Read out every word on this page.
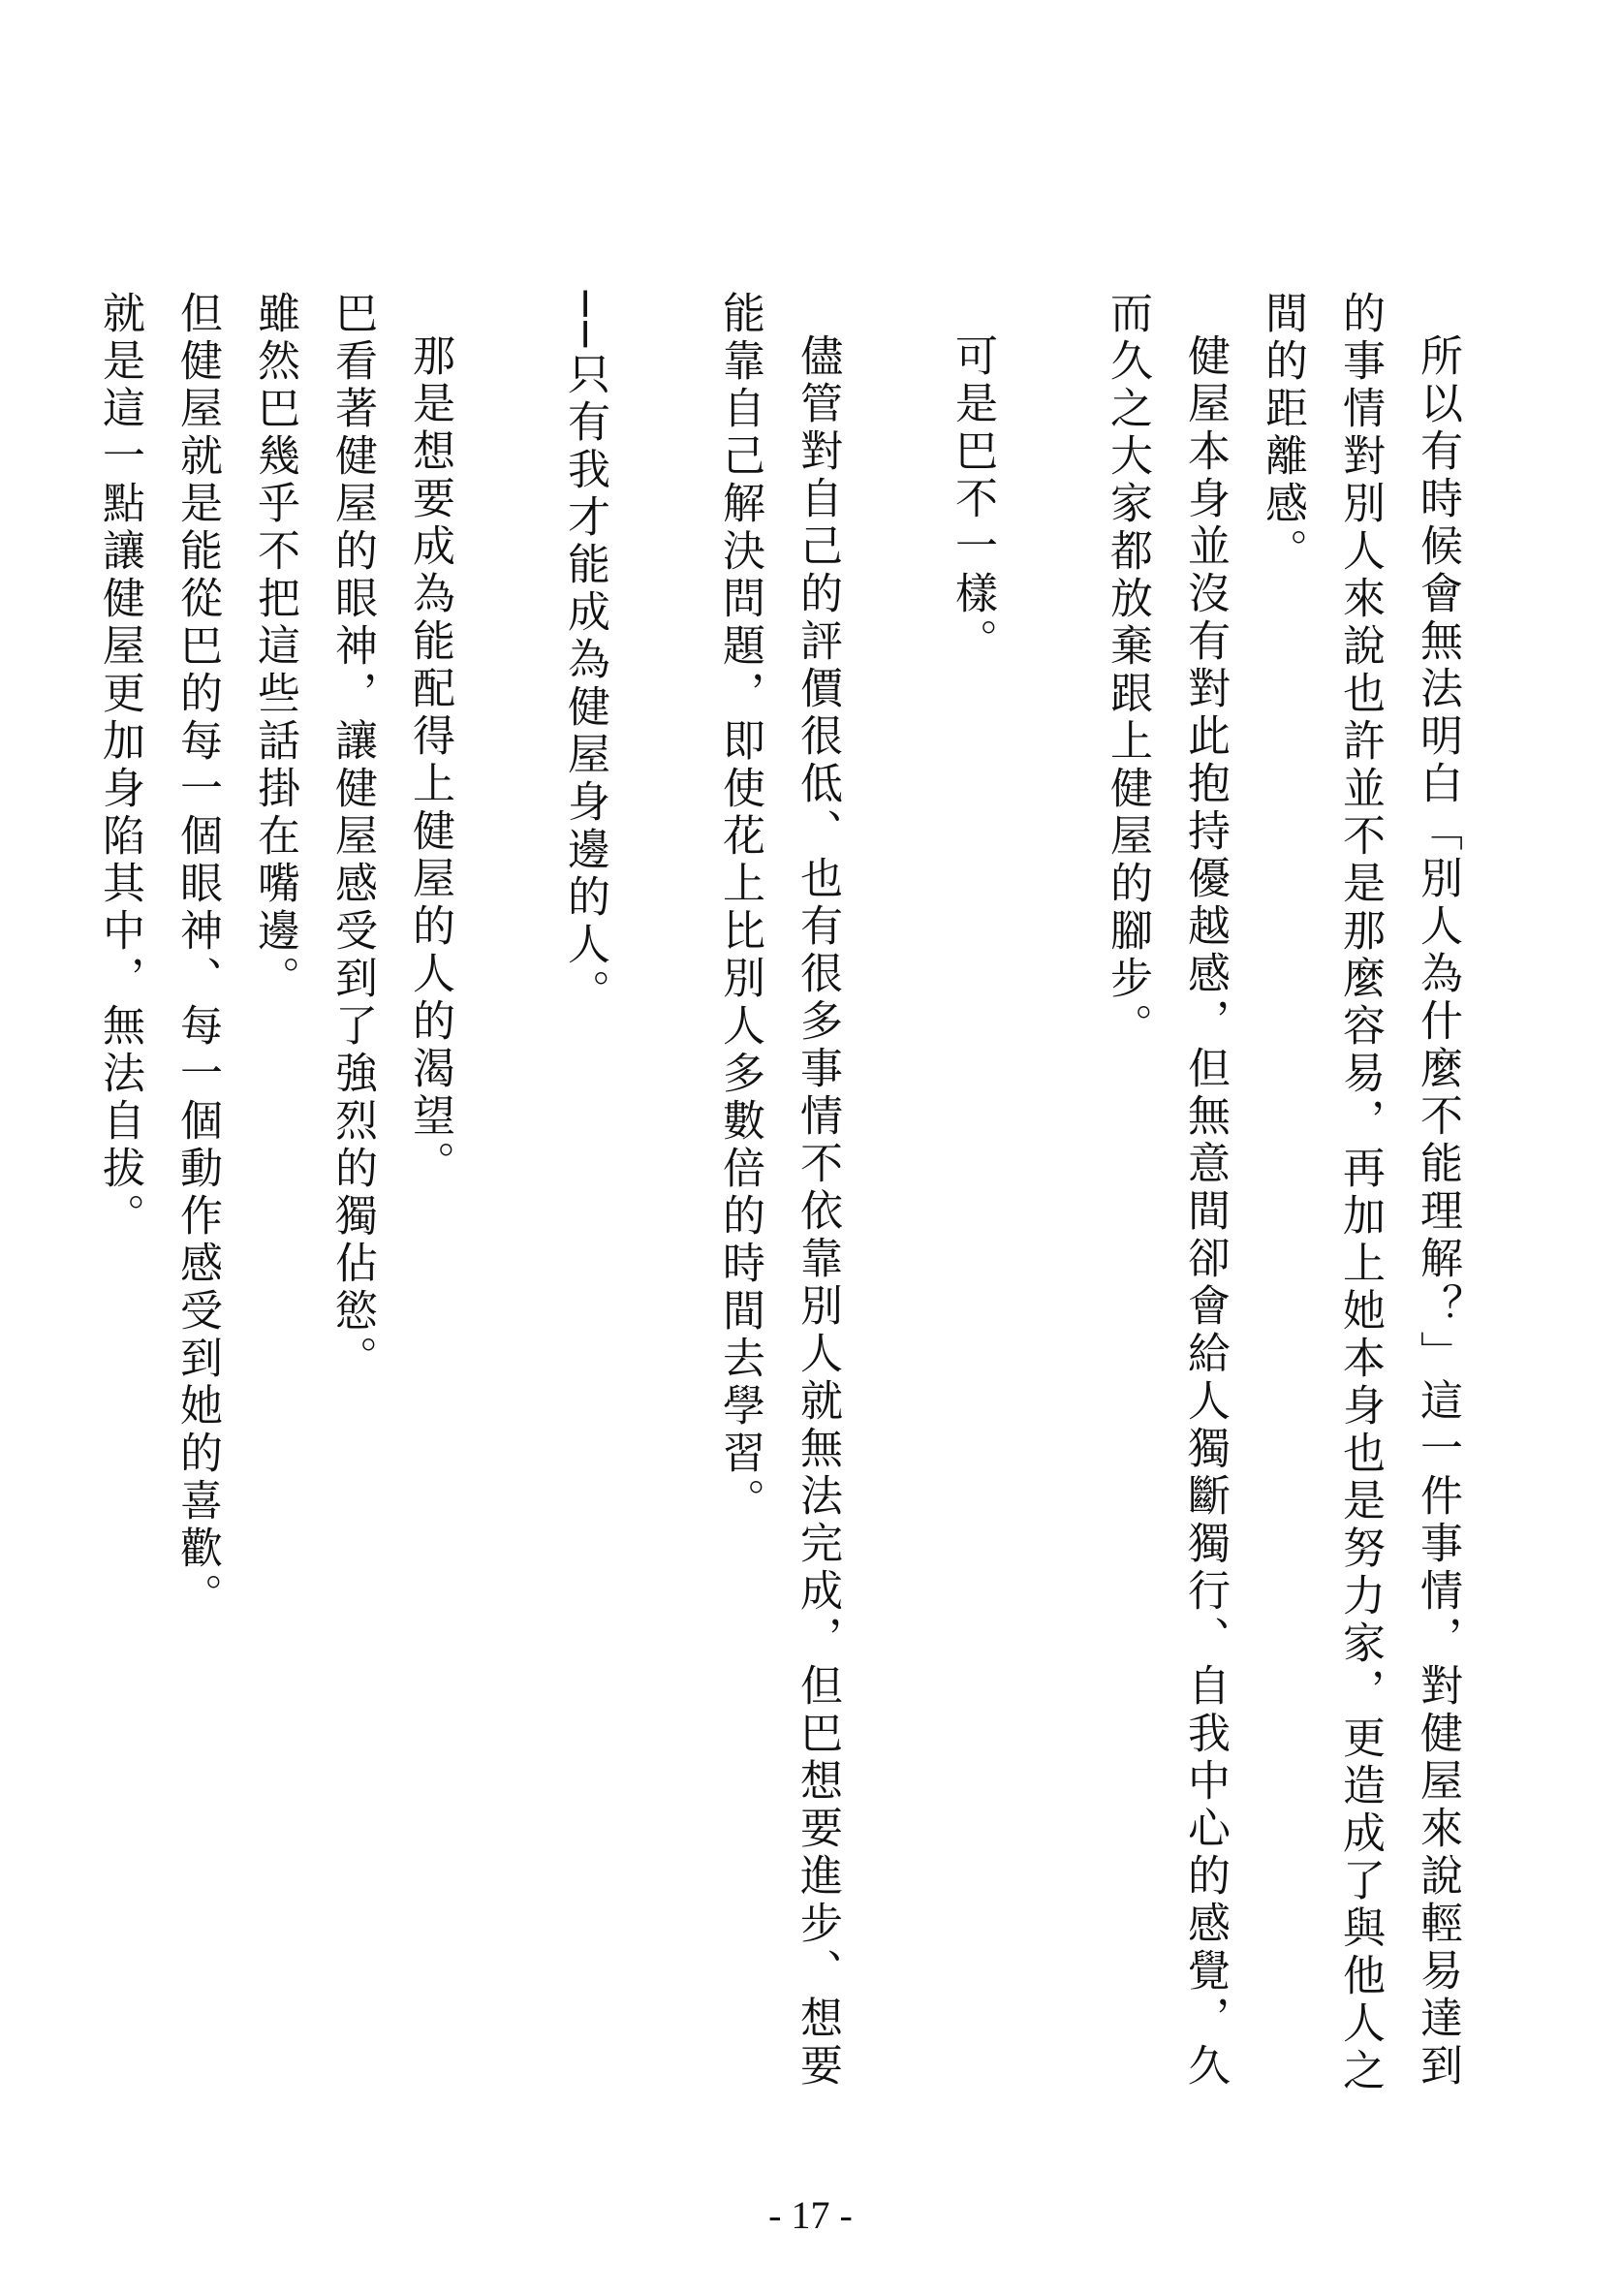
所以有時候會無法明白「別人為什麼不能理解？」這一件事情，對健屋來說輕易達到的事情對別人來說也許並不是那麼容易，再加上她本身也是努力家，更造成了與他人之間的距離感。

健屋本身並沒有對此抱持優越感，但無意間卻會給人獨斷獨行、自我中心的感覺，久而久之大家都放棄跟上健屋的腳步。

可是巴不一樣。

儘管對自己的評價很低、也有很多事情不依靠別人就無法完成，但巴想要進步、想要能靠自己解決問題，即使花上比別人多數倍的時間去學習。

──只有我才能成為健屋身邊的人。

那是想要成為能配得上健屋的人的渴望。

巴看著健屋的眼神，讓健屋感受到了強烈的獨佔慾。

雖然巴幾乎不把這些話掛在嘴邊。

但健屋就是能從巴的每一個眼神、每一個動作感受到她的喜歡。

就是這一點讓健屋更加身陷其中，無法自拔。

- 17 -
